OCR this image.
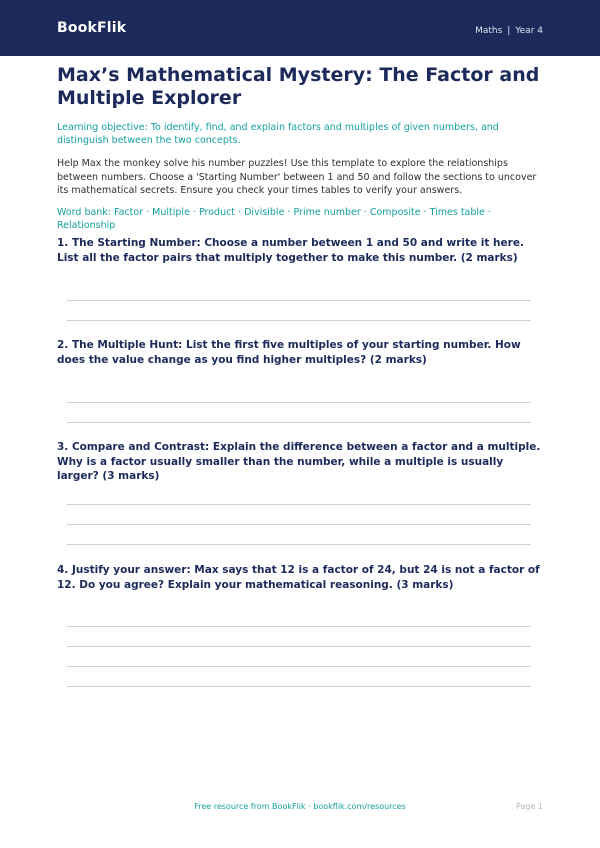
BookFlik	Maths | Year 4
Max’s Mathematical Mystery: The Factor and Multiple Explorer

Learning objective: To identify, find, and explain factors and multiples of given numbers, and distinguish between the two concepts.

Help Max the monkey solve his number puzzles! Use this template to explore the relationships between numbers. Choose a 'Starting Number' between 1 and 50 and follow the sections to uncover its mathematical secrets. Ensure you check your times tables to verify your answers.

Word bank: Factor · Multiple · Product · Divisible · Prime number · Composite · Times table · Relationship

1. The Starting Number: Choose a number between 1 and 50 and write it here. List all the factor pairs that multiply together to make this number. (2 marks)
2. The Multiple Hunt: List the first five multiples of your starting number. How does the value change as you find higher multiples? (2 marks)
3. Compare and Contrast: Explain the difference between a factor and a multiple. Why is a factor usually smaller than the number, while a multiple is usually larger? (3 marks)
4. Justify your answer: Max says that 12 is a factor of 24, but 24 is not a factor of 12. Do you agree? Explain your mathematical reasoning. (3 marks)
Free resource from BookFlik · bookflik.com/resources	Page 1
